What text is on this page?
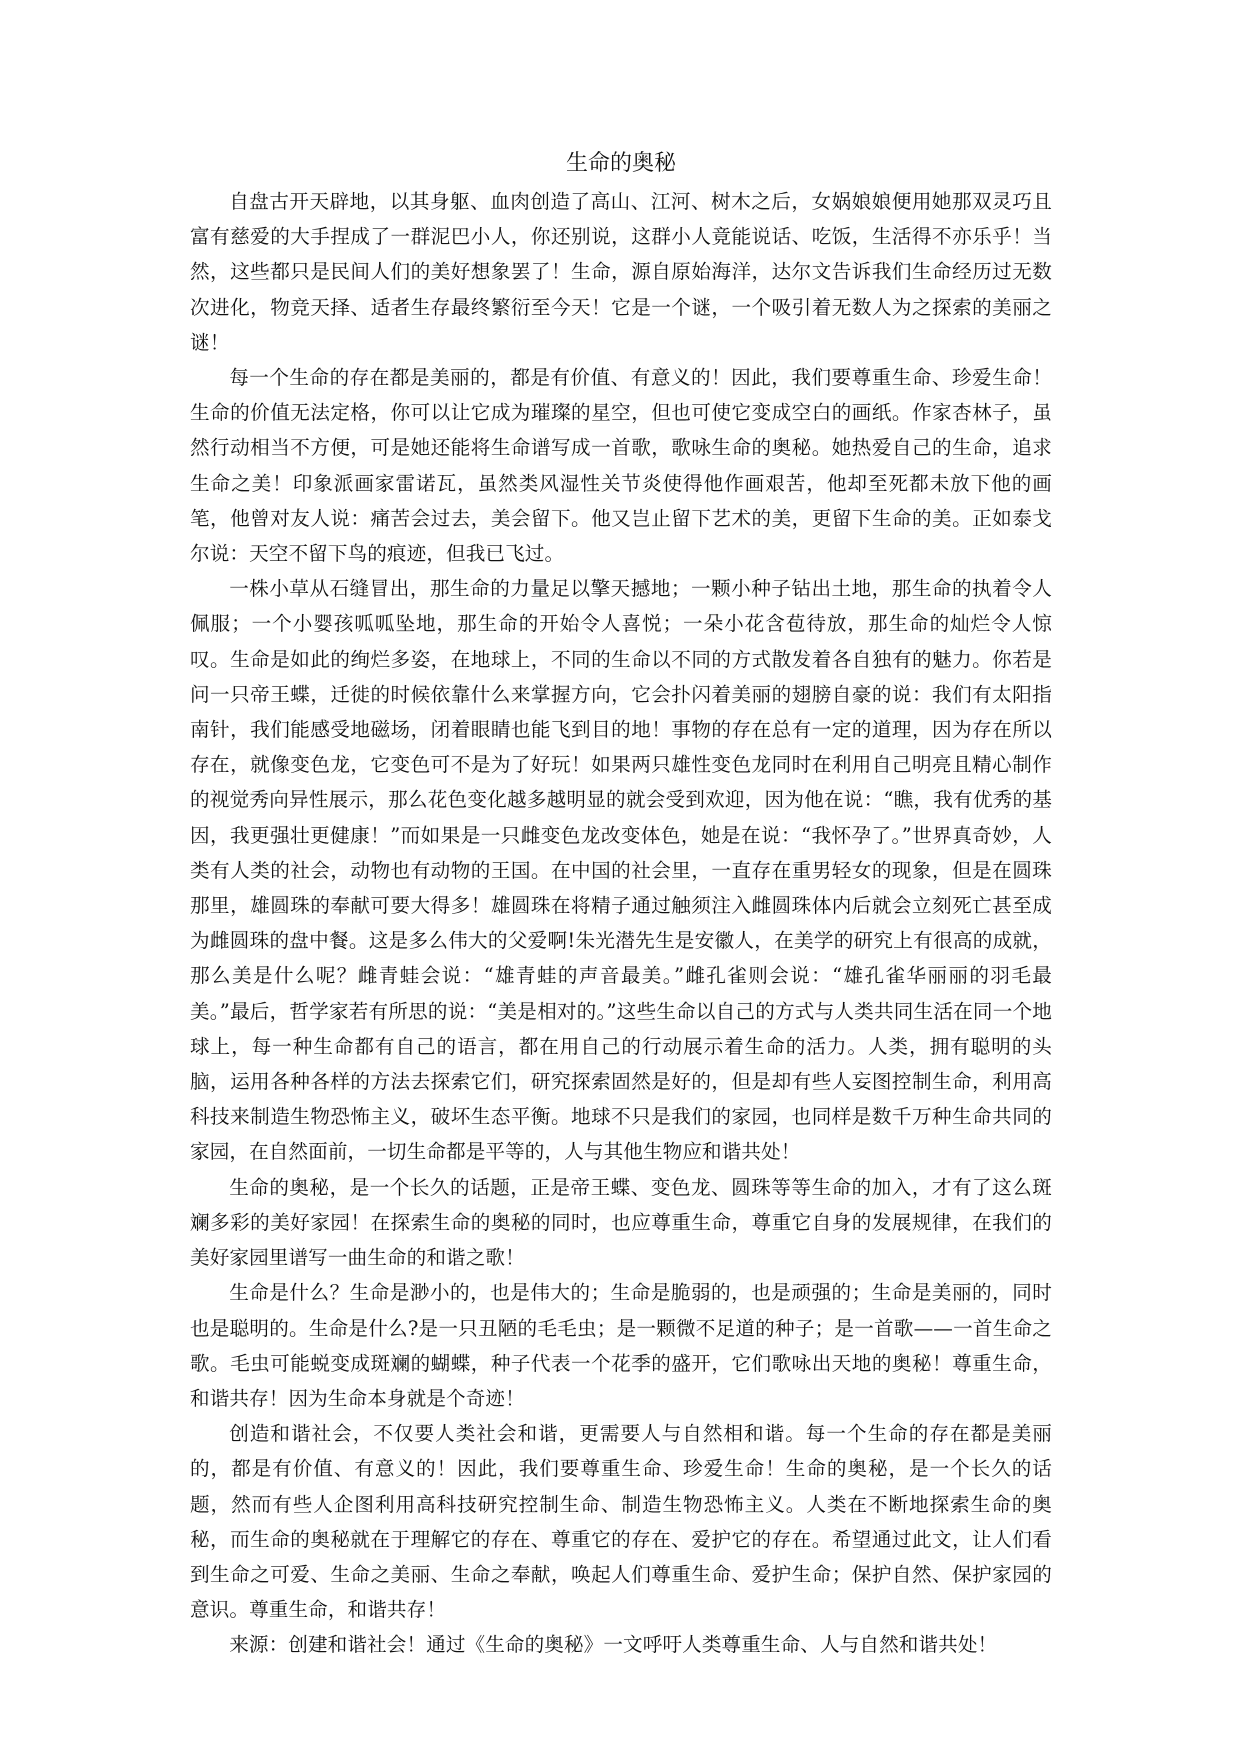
生命的奥秘

自盘古开天辟地，以其身躯、血肉创造了高山、江河、树木之后，女娲娘娘便用她那双灵巧且富有慈爱的大手捏成了一群泥巴小人，你还别说，这群小人竟能说话、吃饭，生活得不亦乐乎！当然，这些都只是民间人们的美好想象罢了！生命，源自原始海洋，达尔文告诉我们生命经历过无数次进化，物竞天择、适者生存最终繁衍至今天！它是一个谜，一个吸引着无数人为之探索的美丽之谜！

每一个生命的存在都是美丽的，都是有价值、有意义的！因此，我们要尊重生命、珍爱生命！生命的价值无法定格，你可以让它成为璀璨的星空，但也可使它变成空白的画纸。作家杏林子，虽然行动相当不方便，可是她还能将生命谱写成一首歌，歌咏生命的奥秘。她热爱自己的生命，追求生命之美！印象派画家雷诺瓦，虽然类风湿性关节炎使得他作画艰苦，他却至死都未放下他的画笔，他曾对友人说：痛苦会过去，美会留下。他又岂止留下艺术的美，更留下生命的美。正如泰戈尔说：天空不留下鸟的痕迹，但我已飞过。

一株小草从石缝冒出，那生命的力量足以擎天撼地；一颗小种子钻出土地，那生命的执着令人佩服；一个小婴孩呱呱坠地，那生命的开始令人喜悦；一朵小花含苞待放，那生命的灿烂令人惊叹。生命是如此的绚烂多姿，在地球上，不同的生命以不同的方式散发着各自独有的魅力。你若是问一只帝王蝶，迁徙的时候依靠什么来掌握方向，它会扑闪着美丽的翅膀自豪的说：我们有太阳指南针，我们能感受地磁场，闭着眼睛也能飞到目的地！事物的存在总有一定的道理，因为存在所以存在，就像变色龙，它变色可不是为了好玩！如果两只雄性变色龙同时在利用自己明亮且精心制作的视觉秀向异性展示，那么花色变化越多越明显的就会受到欢迎，因为他在说：“瞧，我有优秀的基因，我更强壮更健康！”而如果是一只雌变色龙改变体色，她是在说：“我怀孕了。”世界真奇妙，人类有人类的社会，动物也有动物的王国。在中国的社会里，一直存在重男轻女的现象，但是在圆珠那里，雄圆珠的奉献可要大得多！雄圆珠在将精子通过触须注入雌圆珠体内后就会立刻死亡甚至成为雌圆珠的盘中餐。这是多么伟大的父爱啊!朱光潜先生是安徽人，在美学的研究上有很高的成就，那么美是什么呢？雌青蛙会说：“雄青蛙的声音最美。”雌孔雀则会说：“雄孔雀华丽丽的羽毛最美。”最后，哲学家若有所思的说：“美是相对的。”这些生命以自己的方式与人类共同生活在同一个地球上，每一种生命都有自己的语言，都在用自己的行动展示着生命的活力。人类，拥有聪明的头脑，运用各种各样的方法去探索它们，研究探索固然是好的，但是却有些人妄图控制生命，利用高科技来制造生物恐怖主义，破坏生态平衡。地球不只是我们的家园，也同样是数千万种生命共同的家园，在自然面前，一切生命都是平等的，人与其他生物应和谐共处！

生命的奥秘，是一个长久的话题，正是帝王蝶、变色龙、圆珠等等生命的加入，才有了这么斑斓多彩的美好家园！在探索生命的奥秘的同时，也应尊重生命，尊重它自身的发展规律，在我们的美好家园里谱写一曲生命的和谐之歌！

生命是什么？生命是渺小的，也是伟大的；生命是脆弱的，也是顽强的；生命是美丽的，同时也是聪明的。生命是什么?是一只丑陋的毛毛虫；是一颗微不足道的种子；是一首歌——一首生命之歌。毛虫可能蜕变成斑斓的蝴蝶，种子代表一个花季的盛开，它们歌咏出天地的奥秘！尊重生命，和谐共存！因为生命本身就是个奇迹！

创造和谐社会，不仅要人类社会和谐，更需要人与自然相和谐。每一个生命的存在都是美丽的，都是有价值、有意义的！因此，我们要尊重生命、珍爱生命！生命的奥秘，是一个长久的话题，然而有些人企图利用高科技研究控制生命、制造生物恐怖主义。人类在不断地探索生命的奥秘，而生命的奥秘就在于理解它的存在、尊重它的存在、爱护它的存在。希望通过此文，让人们看到生命之可爱、生命之美丽、生命之奉献，唤起人们尊重生命、爱护生命；保护自然、保护家园的意识。尊重生命，和谐共存！

来源：创建和谐社会！通过《生命的奥秘》一文呼吁人类尊重生命、人与自然和谐共处！
